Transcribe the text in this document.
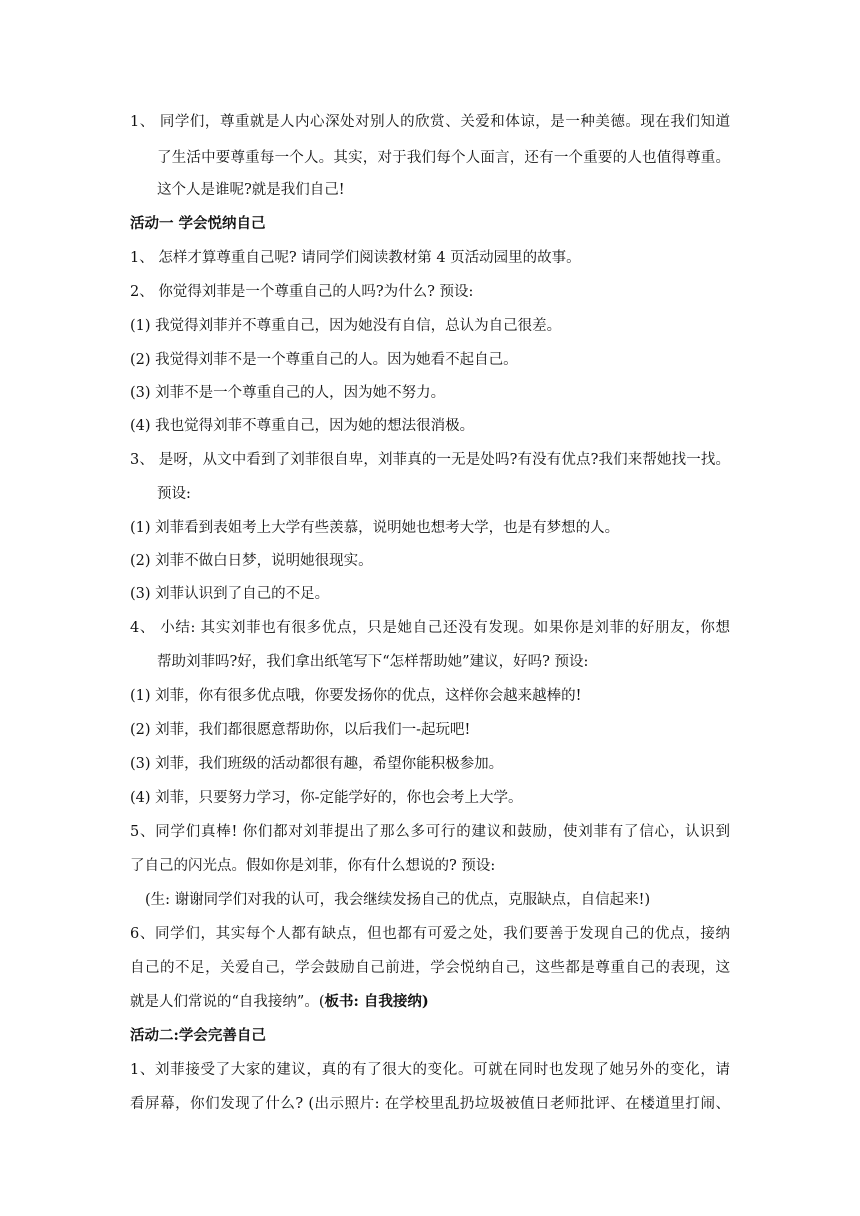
1、 同学们，尊重就是人内心深处对别人的欣赏、关爱和体谅，是一种美德。现在我们知道
了生活中要尊重每一个人。其实，对于我们每个人面言，还有一个重要的人也值得尊重。
这个人是谁呢?就是我们自己!
活动一 学会悦纳自己
1、 怎样才算尊重自己呢? 请同学们阅读教材第 4 页活动园里的故事。
2、 你觉得刘菲是一个尊重自己的人吗?为什么? 预设:
(1) 我觉得刘菲并不尊重自己，因为她没有自信，总认为自己很差。
(2) 我觉得刘菲不是一个尊重自己的人。因为她看不起自己。
(3) 刘菲不是一个尊重自己的人，因为她不努力。
(4) 我也觉得刘菲不尊重自己，因为她的想法很消极。
3、 是呀，从文中看到了刘菲很自卑，刘菲真的一无是处吗?有没有优点?我们来帮她找一找。
预设:
(1) 刘菲看到表姐考上大学有些羡慕，说明她也想考大学，也是有梦想的人。
(2) 刘菲不做白日梦，说明她很现实。
(3) 刘菲认识到了自己的不足。
4、 小结: 其实刘菲也有很多优点，只是她自己还没有发现。如果你是刘菲的好朋友，你想
帮助刘菲吗?好，我们拿出纸笔写下“怎样帮助她”建议，好吗? 预设:
(1) 刘菲，你有很多优点哦，你要发扬你的优点，这样你会越来越棒的!
(2) 刘菲，我们都很愿意帮助你，以后我们一-起玩吧!
(3) 刘菲，我们班级的活动都很有趣，希望你能积极参加。
(4) 刘菲，只要努力学习，你-定能学好的，你也会考上大学。
5、同学们真棒! 你们都对刘菲提出了那么多可行的建议和鼓励，使刘菲有了信心，认识到
了自己的闪光点。假如你是刘菲，你有什么想说的? 预设:
(生: 谢谢同学们对我的认可，我会继续发扬自己的优点，克服缺点，自信起来!)
6、同学们，其实每个人都有缺点，但也都有可爱之处，我们要善于发现自己的优点，接纳
自己的不足，关爱自己，学会鼓励自己前进，学会悦纳自己，这些都是尊重自己的表现，这
就是人们常说的“自我接纳”。(板书: 自我接纳)
活动二:学会完善自己
1、刘菲接受了大家的建议，真的有了很大的变化。可就在同时也发现了她另外的变化，请
看屏幕，你们发现了什么? (出示照片: 在学校里乱扔垃圾被值日老师批评、在楼道里打闹、
